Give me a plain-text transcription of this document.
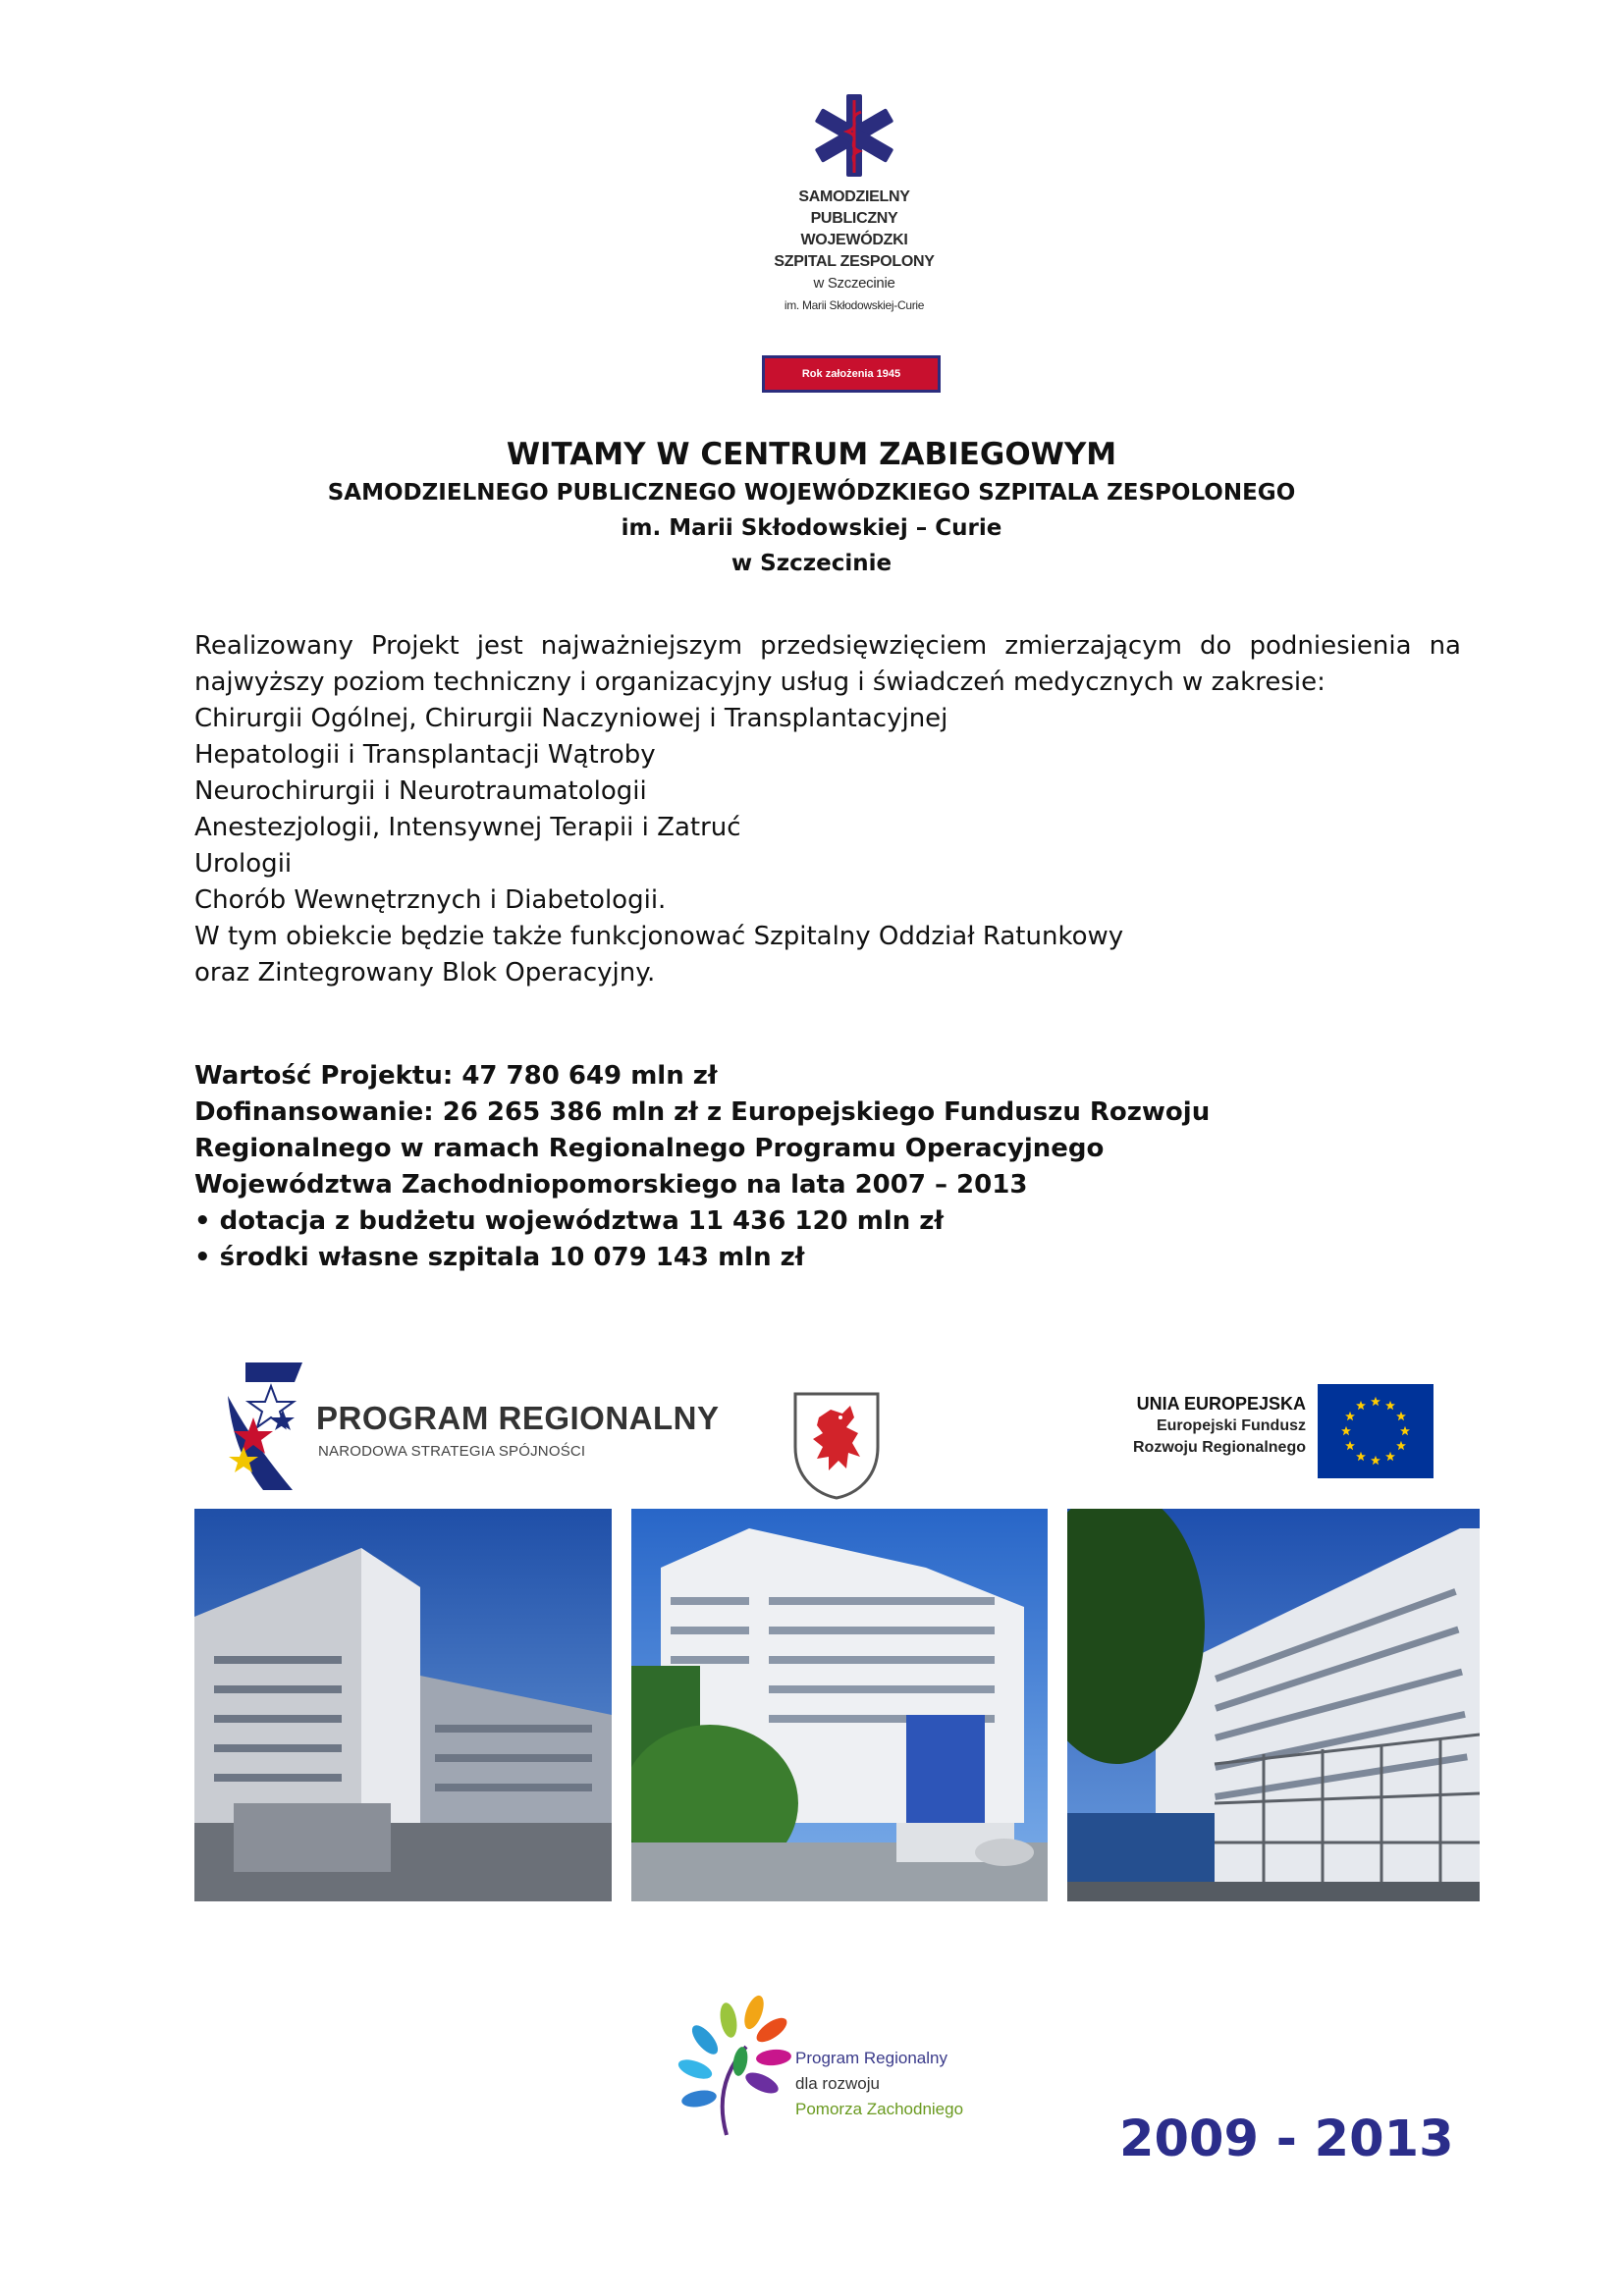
SAMODZIELNY
PUBLICZNY
WOJEWÓDZKI
SZPITAL ZESPOLONY
w Szczecinie
im. Marii Skłodowskiej-Curie
Rok założenia 1945
WITAMY W CENTRUM ZABIEGOWYM
SAMODZIELNEGO PUBLICZNEGO WOJEWÓDZKIEGO SZPITALA ZESPOLONEGO
im. Marii Skłodowskiej – Curie
w Szczecinie

Realizowany Projekt jest najważniejszym przedsięwzięciem zmierzającym do podniesienia na najwyższy poziom techniczny i organizacyjny usług i świadczeń medycznych w zakresie:

Chirurgii Ogólnej, Chirurgii Naczyniowej i Transplantacyjnej

Hepatologii i Transplantacji Wątroby

Neurochirurgii i Neurotraumatologii

Anestezjologii, Intensywnej Terapii i Zatruć

Urologii

Chorób Wewnętrznych i Diabetologii.

W tym obiekcie będzie także funkcjonować Szpitalny Oddział Ratunkowy

oraz Zintegrowany Blok Operacyjny.

Wartość Projektu: 47 780 649 mln zł
Dofinansowanie: 26 265 386 mln zł z Europejskiego Funduszu Rozwoju
Regionalnego w ramach Regionalnego Programu Operacyjnego
Województwa Zachodniopomorskiego na lata 2007 – 2013
• dotacja z budżetu województwa 11 436 120 mln zł
• środki własne szpitala 10 079 143 mln zł
PROGRAM REGIONALNY
NARODOWA STRATEGIA SPÓJNOŚCI
UNIA EUROPEJSKA
Europejski Fundusz
Rozwoju Regionalnego
Program Regionalny
dla rozwoju
Pomorza Zachodniego
2009 - 2013
